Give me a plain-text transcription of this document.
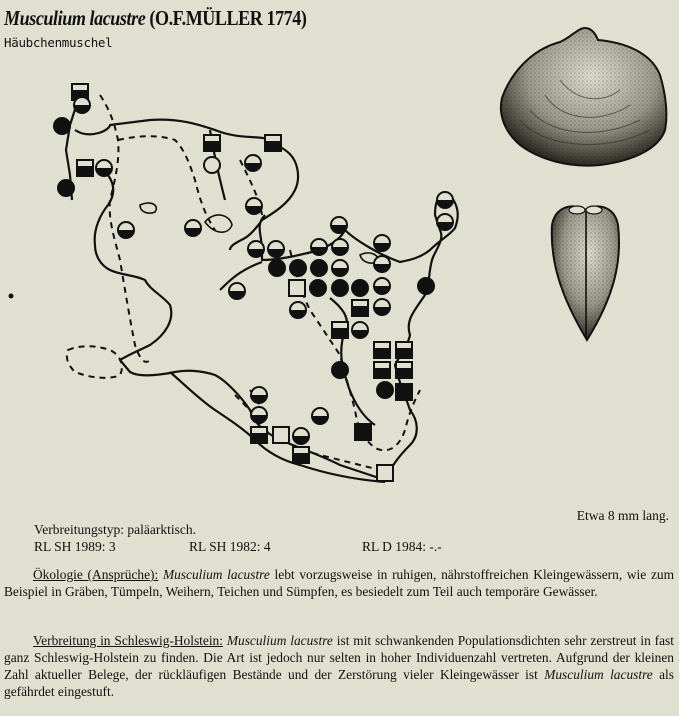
Musculium lacustre (O.F.MÜLLER 1774)
Häubchenmuschel
Etwa 8 mm lang.
Verbreitungstyp:
paläarktisch.
RL SH 1989: 3	RL SH 1982: 4	RL D 1984: -.-
Ökologie (Ansprüche): Musculium lacustre lebt vorzugsweise in ruhigen, nährstoffreichen Kleingewässern, wie zum Beispiel in Gräben, Tümpeln, Weihern, Teichen und Sümpfen, es besiedelt zum Teil auch temporäre Gewässer.
Verbreitung in Schleswig-Holstein: Musculium lacustre ist mit schwankenden Populationsdichten sehr zerstreut in fast ganz Schleswig-Holstein zu finden. Die Art ist jedoch nur selten in hoher Individuenzahl vertreten. Aufgrund der kleinen Zahl aktueller Belege, der rückläufigen Bestände und der Zerstörung vieler Kleingewässer ist Musculium lacustre als gefährdet eingestuft.
